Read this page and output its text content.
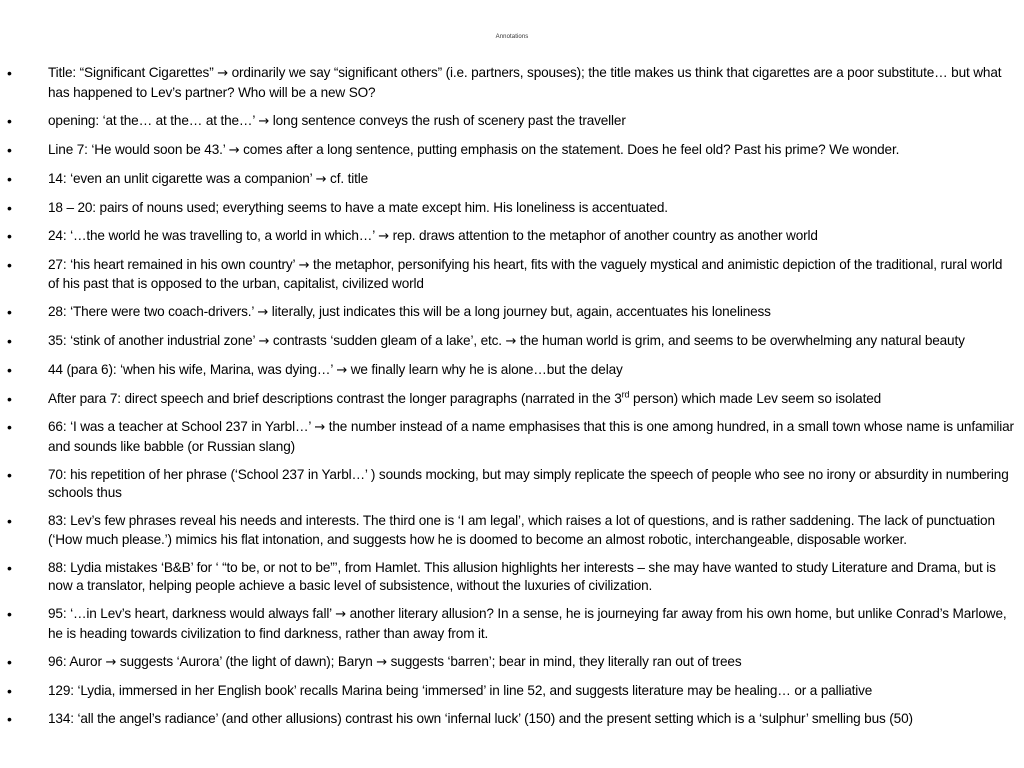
Annotations
•	Title: “Significant Cigarettes” → ordinarily we say “significant others” (i.e. partners, spouses); the title makes us think that cigarettes are a poor substitute… but what has happened to Lev’s partner? Who will be a new SO?
•	opening: ‘at the… at the… at the…’ → long sentence conveys the rush of scenery past the traveller
•	Line 7: ‘He would soon be 43.’ → comes after a long sentence, putting emphasis on the statement. Does he feel old? Past his prime? We wonder.
•	14: ‘even an unlit cigarette was a companion’ → cf. title
•	18 – 20: pairs of nouns used; everything seems to have a mate except him. His loneliness is accentuated.
•	24: ‘…the world he was travelling to, a world in which…’ → rep. draws attention to the metaphor of another country as another world
•	27: ‘his heart remained in his own country’ → the metaphor, personifying his heart, fits with the vaguely mystical and animistic depiction of the traditional, rural world of his past that is opposed to the urban, capitalist, civilized world
•	28: ‘There were two coach-drivers.’ → literally, just indicates this will be a long journey but, again, accentuates his loneliness
•	35: ‘stink of another industrial zone’ → contrasts ‘sudden gleam of a lake’, etc. → the human world is grim, and seems to be overwhelming any natural beauty
•	44 (para 6): ‘when his wife, Marina, was dying…’ → we finally learn why he is alone…but the delay
•	After para 7: direct speech and brief descriptions contrast the longer paragraphs (narrated in the 3rd person) which made Lev seem so isolated
•	66: ‘I was a teacher at School 237 in Yarbl…’ → the number instead of a name emphasises that this is one among hundred, in a small town whose name is unfamiliar and sounds like babble (or Russian slang)
•	70: his repetition of her phrase (‘School 237 in Yarbl…’ ) sounds mocking, but may simply replicate the speech of people who see no irony or absurdity in numbering schools thus
•	83: Lev’s few phrases reveal his needs and interests. The third one is ‘I am legal’, which raises a lot of questions, and is rather saddening. The lack of punctuation (‘How much please.’) mimics his flat intonation, and suggests how he is doomed to become an almost robotic, interchangeable, disposable worker.
•	88: Lydia mistakes ‘B&B’ for ‘ “to be, or not to be”’, from Hamlet. This allusion highlights her interests – she may have wanted to study Literature and Drama, but is now a translator, helping people achieve a basic level of subsistence, without the luxuries of civilization.
•	95: ‘…in Lev’s heart, darkness would always fall’ → another literary allusion? In a sense, he is journeying far away from his own home, but unlike Conrad’s Marlowe, he is heading towards civilization to find darkness, rather than away from it.
•	96: Auror → suggests ‘Aurora’ (the light of dawn); Baryn → suggests ‘barren’; bear in mind, they literally ran out of trees
•	129: ‘Lydia, immersed in her English book’ recalls Marina being ‘immersed’ in line 52, and suggests literature may be healing… or a palliative
•	134: ‘all the angel’s radiance’ (and other allusions) contrast his own ‘infernal luck’ (150) and the present setting which is a ‘sulphur’ smelling bus (50)
